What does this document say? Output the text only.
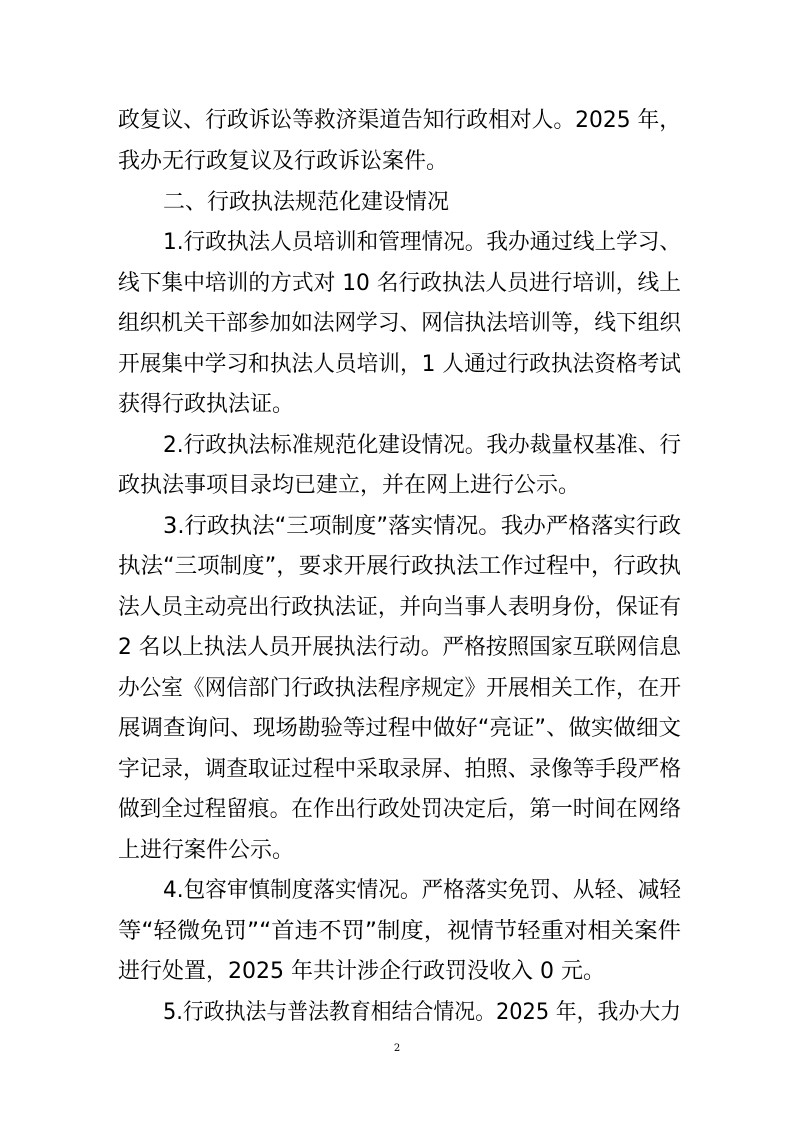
政复议、行政诉讼等救济渠道告知行政相对人。2025 年，
我办无行政复议及行政诉讼案件。
二、行政执法规范化建设情况
1.行政执法人员培训和管理情况。我办通过线上学习、
线下集中培训的方式对 10 名行政执法人员进行培训，线上
组织机关干部参加如法网学习、网信执法培训等，线下组织
开展集中学习和执法人员培训，1 人通过行政执法资格考试
获得行政执法证。
2.行政执法标准规范化建设情况。我办裁量权基准、行
政执法事项目录均已建立，并在网上进行公示。
3.行政执法“三项制度”落实情况。我办严格落实行政
执法“三项制度”，要求开展行政执法工作过程中，行政执
法人员主动亮出行政执法证，并向当事人表明身份，保证有
2 名以上执法人员开展执法行动。严格按照国家互联网信息
办公室《网信部门行政执法程序规定》开展相关工作，在开
展调查询问、现场勘验等过程中做好“亮证”、做实做细文
字记录，调查取证过程中采取录屏、拍照、录像等手段严格
做到全过程留痕。在作出行政处罚决定后，第一时间在网络
上进行案件公示。
4.包容审慎制度落实情况。严格落实免罚、从轻、减轻
等“轻微免罚”“首违不罚”制度，视情节轻重对相关案件
进行处置，2025 年共计涉企行政罚没收入 0 元。
5.行政执法与普法教育相结合情况。2025 年，我办大力
2
